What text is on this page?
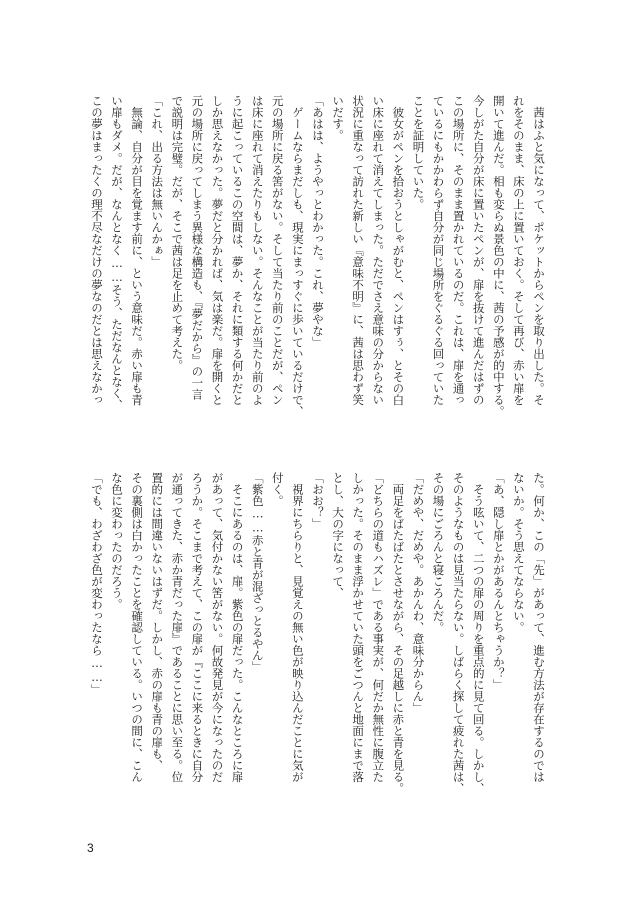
　茜はふと気になって、ポケットからペンを取り出した。そ
れをそのまま、床の上に置いておく。そして再び、赤い扉を
開いて進んだ。相も変らぬ景色の中に、茜の予感が的中する。
今しがた自分が床に置いたペンが、扉を抜けて進んだはずの
この場所に、そのまま置かれているのだ。これは、扉を通っ
ているにもかかわらず自分が同じ場所をぐるぐる回っていた
ことを証明していた。
　彼女がペンを拾おうとしゃがむと、ペンはすぅ、とその白
い床に座れて消えてしまった。ただでさえ意味の分からない
状況に重なって訪れた新しい『意味不明』に、茜は思わず笑
いだす。
「あはは、ようやっとわかった。これ、夢やな」
　ゲームならまだしも、現実にまっすぐに歩いているだけで、
元の場所に戻る筈がない。そして当たり前のことだが、ペン
は床に座れて消えたりもしない。そんなことが当たり前のよ
うに起こっているこの空間は、夢か、それに類する何かだと
しか思えなかった。夢だと分かれば、気は楽だ。扉を開くと
元の場所に戻ってしまう異様な構造も、『夢だから』の一言
で説明は完璧。だが、そこで茜は足を止めて考えた。
「これ、出る方法は無いんかぁ」
　無論、自分が目を覚ます前に、という意味だ。赤い扉も青
い扉もダメ。だが、なんとなく……そう、ただなんとなく、
この夢はまったくの理不尽なだけの夢なのだとは思えなかっ
た。何か、この「先」があって、進む方法が存在するのでは
ないか。そう思えてならない。
「あ、隠し扉とかがあるんとちゃうか？」
　そう呟いて、二つの扉の周りを重点的に見て回る。しかし、
そのようなものは見当たらない。しばらく探して疲れた茜は、
その場にごろんと寝ころんだ。
「だめや、だめや。あかんわ、意味分からん」
　両足をばたばたとさせながら、その足越しに赤と青を見る。
「どちらの道もハズレ」である事実が、何だか無性に腹立た
しかった。そのまま浮かせていた頭をごつんと地面にまで落
とし、大の字になって、
「おお？」
　視界にちらりと、見覚えの無い色が映り込んだことに気が
付く。
「紫色……赤と青が混ざっとるやん」
　そこにあるのは、扉。紫色の扉だった。こんなところに扉
があって、気付かない筈がない。何故発見が今になったのだ
ろうか。そこまで考えて、この扉が『ここに来るときに自分
が通ってきた、赤か青だった扉』であることに思い至る。位
置的には間違いないはずだ。しかし、赤の扉も青の扉も、
その裏側は白かったことを確認している。いつの間に、こん
な色に変わったのだろう。
「でも、わざわざ色が変わったなら……」
3
